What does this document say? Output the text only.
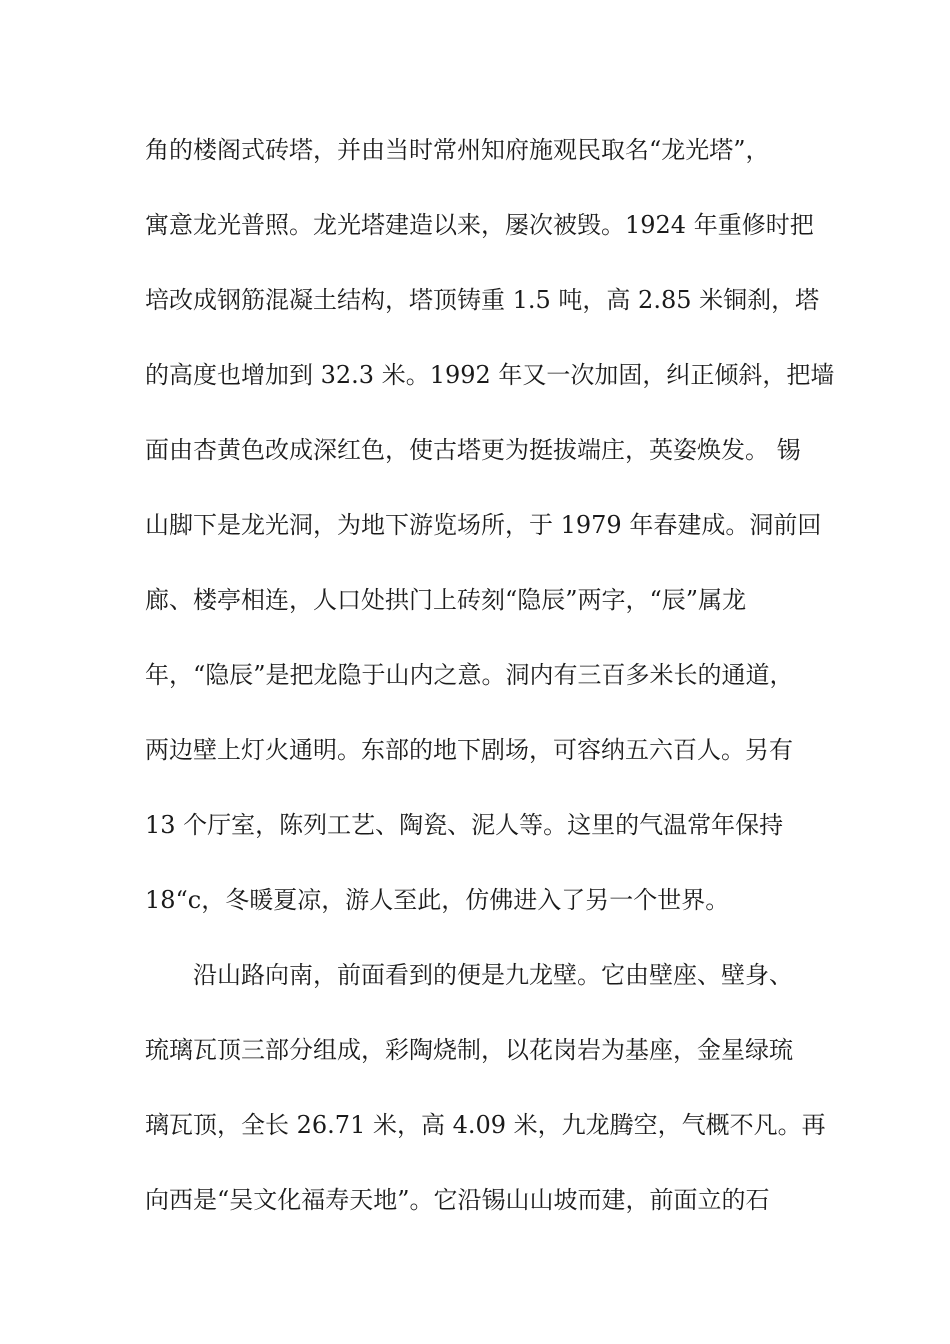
角的楼阁式砖塔，并由当时常州知府施观民取名“龙光塔”，
寓意龙光普照。龙光塔建造以来，屡次被毁。1924 年重修时把
培改成钢筋混凝土结构，塔顶铸重 1.5 吨，高 2.85 米铜刹，塔
的高度也增加到 32.3 米。1992 年又一次加固，纠正倾斜，把墙
面由杏黄色改成深红色，使古塔更为挺拔端庄，英姿焕发。 锡
山脚下是龙光洞，为地下游览场所，于 1979 年春建成。洞前回
廊、楼亭相连，人口处拱门上砖刻“隐辰”两字，“辰”属龙
年，“隐辰”是把龙隐于山内之意。洞内有三百多米长的通道，
两边壁上灯火通明。东部的地下剧场，可容纳五六百人。另有
13 个厅室，陈列工艺、陶瓷、泥人等。这里的气温常年保持
18“c，冬暖夏凉，游人至此，仿佛进入了另一个世界。
沿山路向南，前面看到的便是九龙壁。它由壁座、壁身、
琉璃瓦顶三部分组成，彩陶烧制，以花岗岩为基座，金星绿琉
璃瓦顶，全长 26.71 米，高 4.09 米，九龙腾空，气概不凡。再
向西是“吴文化福寿天地”。它沿锡山山坡而建，前面立的石
